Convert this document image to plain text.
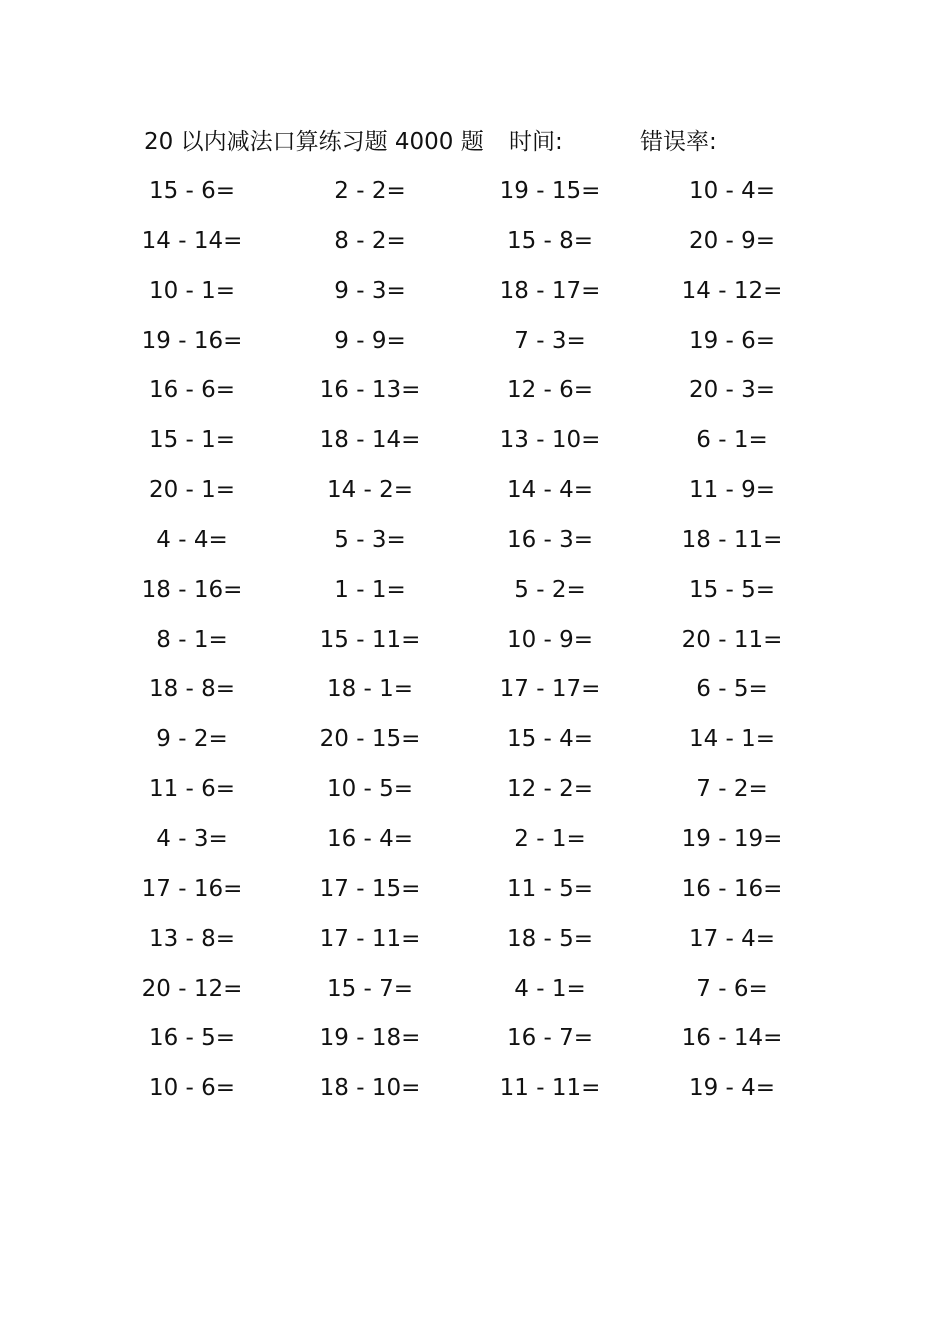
20 以内减法口算练习题 4000 题 时间:	错误率:
15 - 6=	2 - 2=	19 - 15=	10 - 4=
14 - 14=	8 - 2=	15 - 8=	20 - 9=
10 - 1=	9 - 3=	18 - 17=	14 - 12=
19 - 16=	9 - 9=	7 - 3=	19 - 6=
16 - 6=	16 - 13=	12 - 6=	20 - 3=
15 - 1=	18 - 14=	13 - 10=	6 - 1=
20 - 1=	14 - 2=	14 - 4=	11 - 9=
4 - 4=	5 - 3=	16 - 3=	18 - 11=
18 - 16=	1 - 1=	5 - 2=	15 - 5=
8 - 1=	15 - 11=	10 - 9=	20 - 11=
18 - 8=	18 - 1=	17 - 17=	6 - 5=
9 - 2=	20 - 15=	15 - 4=	14 - 1=
11 - 6=	10 - 5=	12 - 2=	7 - 2=
4 - 3=	16 - 4=	2 - 1=	19 - 19=
17 - 16=	17 - 15=	11 - 5=	16 - 16=
13 - 8=	17 - 11=	18 - 5=	17 - 4=
20 - 12=	15 - 7=	4 - 1=	7 - 6=
16 - 5=	19 - 18=	16 - 7=	16 - 14=
10 - 6=	18 - 10=	11 - 11=	19 - 4=
